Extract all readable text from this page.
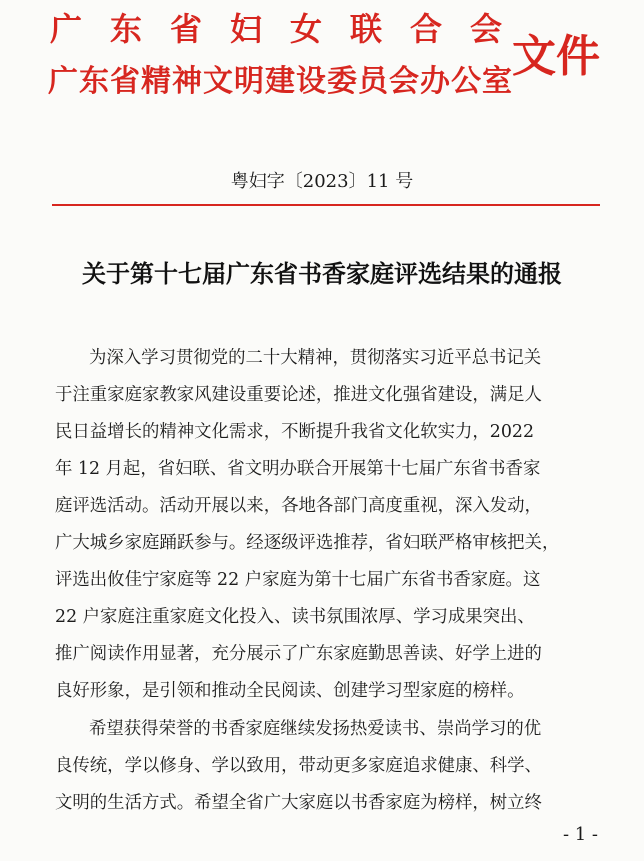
广东省妇女联合会
广东省精神文明建设委员会办公室 文件
粤妇字〔2023〕11 号
关于第十七届广东省书香家庭评选结果的通报
为深入学习贯彻党的二十大精神，贯彻落实习近平总书记关
于注重家庭家教家风建设重要论述，推进文化强省建设，满足人
民日益增长的精神文化需求，不断提升我省文化软实力，2022
年 12 月起，省妇联、省文明办联合开展第十七届广东省书香家
庭评选活动。活动开展以来，各地各部门高度重视，深入发动，
广大城乡家庭踊跃参与。经逐级评选推荐，省妇联严格审核把关，
评选出攸佳宁家庭等 22 户家庭为第十七届广东省书香家庭。这
22 户家庭注重家庭文化投入、读书氛围浓厚、学习成果突出、
推广阅读作用显著，充分展示了广东家庭勤思善读、好学上进的
良好形象，是引领和推动全民阅读、创建学习型家庭的榜样。
希望获得荣誉的书香家庭继续发扬热爱读书、崇尚学习的优
良传统，学以修身、学以致用，带动更多家庭追求健康、科学、
文明的生活方式。希望全省广大家庭以书香家庭为榜样，树立终
- 1 -
